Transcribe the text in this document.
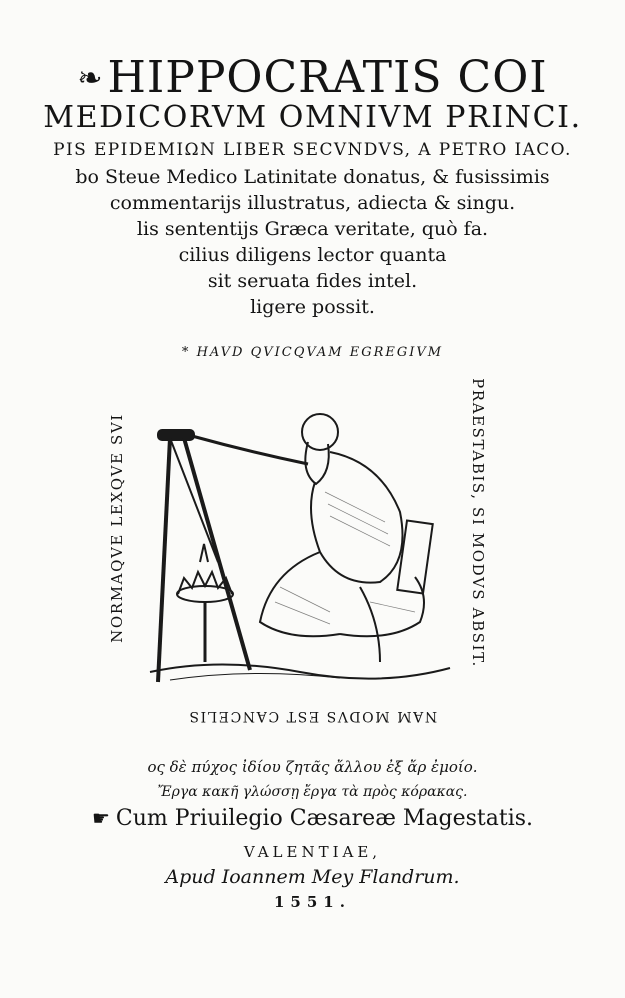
❧HIPPOCRATIS COI
MEDICORVM OMNIVM PRINCI.
PIS EPIDEMIΩN LIBER SECVNDVS, A PETRO IACO.
bo Steue Medico Latinitate donatus, & fusissimis
commentarijs illustratus, adiecta & singu.
lis sententijs Græca veritate, quò fa.
cilius diligens lector quanta
sit seruata fides intel.
ligere possit.
* HAVD QVICQVAM EGREGIVM
NORMAQVE LEXQVE SVI	PRAESTABIS, SI MODVS ABSIT.
NAM MODVS EST CANCELIS
ος δὲ πύχος ἰδίου ζητᾶς ἄλλου ἐξ ἄρ ἐμοίο.
Ἔργα κακῆ γλώσσῃ ἔργα τὰ πρὸς κόρακας.
☛ Cum Priuilegio Cæsareæ Magestatis.
VALENTIAE,
Apud Ioannem Mey Flandrum.
1551.
